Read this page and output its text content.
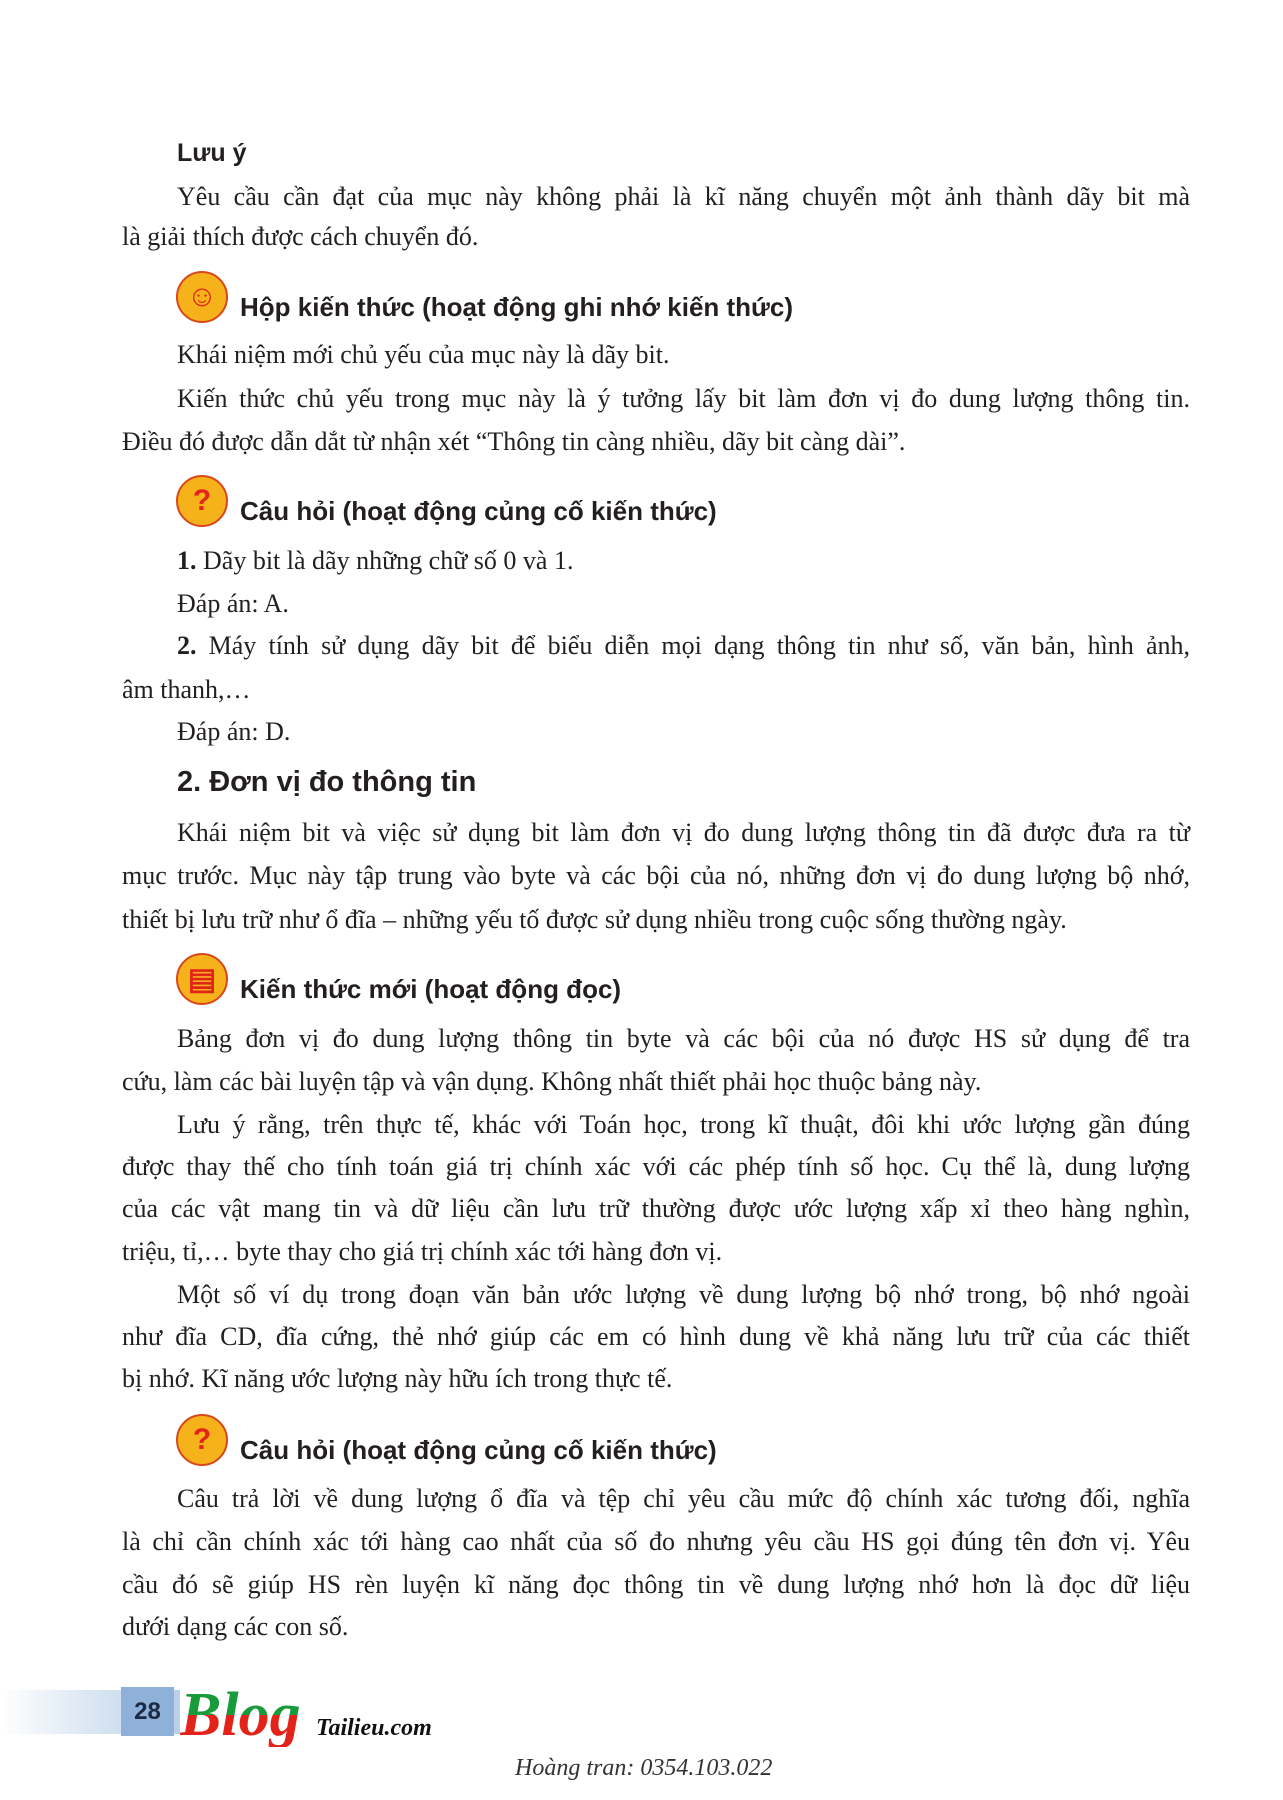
Lưu ý
2. Đơn vị đo thông tin
Yêu cầu cần đạt của mục này không phải là kĩ năng chuyển một ảnh thành dãy bit mà
là giải thích được cách chuyển đó.
Khái niệm mới chủ yếu của mục này là dãy bit.
Kiến thức chủ yếu trong mục này là ý tưởng lấy bit làm đơn vị đo dung lượng thông tin.
Điều đó được dẫn dắt từ nhận xét “Thông tin càng nhiều, dãy bit càng dài”.
1. Dãy bit là dãy những chữ số 0 và 1.
Đáp án: A.
2. Máy tính sử dụng dãy bit để biểu diễn mọi dạng thông tin như số, văn bản, hình ảnh,
âm thanh,…
Đáp án: D.
Khái niệm bit và việc sử dụng bit làm đơn vị đo dung lượng thông tin đã được đưa ra từ
mục trước. Mục này tập trung vào byte và các bội của nó, những đơn vị đo dung lượng bộ nhớ,
thiết bị lưu trữ như ổ đĩa – những yếu tố được sử dụng nhiều trong cuộc sống thường ngày.
Bảng đơn vị đo dung lượng thông tin byte và các bội của nó được HS sử dụng để tra
cứu, làm các bài luyện tập và vận dụng. Không nhất thiết phải học thuộc bảng này.
Lưu ý rằng, trên thực tế, khác với Toán học, trong kĩ thuật, đôi khi ước lượng gần đúng
được thay thế cho tính toán giá trị chính xác với các phép tính số học. Cụ thể là, dung lượng
của các vật mang tin và dữ liệu cần lưu trữ thường được ước lượng xấp xỉ theo hàng nghìn,
triệu, tỉ,… byte thay cho giá trị chính xác tới hàng đơn vị.
Một số ví dụ trong đoạn văn bản ước lượng về dung lượng bộ nhớ trong, bộ nhớ ngoài
như đĩa CD, đĩa cứng, thẻ nhớ giúp các em có hình dung về khả năng lưu trữ của các thiết
bị nhớ. Kĩ năng ước lượng này hữu ích trong thực tế.
Câu trả lời về dung lượng ổ đĩa và tệp chỉ yêu cầu mức độ chính xác tương đối, nghĩa
là chỉ cần chính xác tới hàng cao nhất của số đo nhưng yêu cầu HS gọi đúng tên đơn vị. Yêu
cầu đó sẽ giúp HS rèn luyện kĩ năng đọc thông tin về dung lượng nhớ hơn là đọc dữ liệu
dưới dạng các con số.
☺ Hộp kiến thức (hoạt động ghi nhớ kiến thức)
?	Câu hỏi (hoạt động củng cố kiến thức)
▤ Kiến thức mới (hoạt động đọc)
?	Câu hỏi (hoạt động củng cố kiến thức)
28 Blog Tailieu.com
Hoàng tran: 0354.103.022
